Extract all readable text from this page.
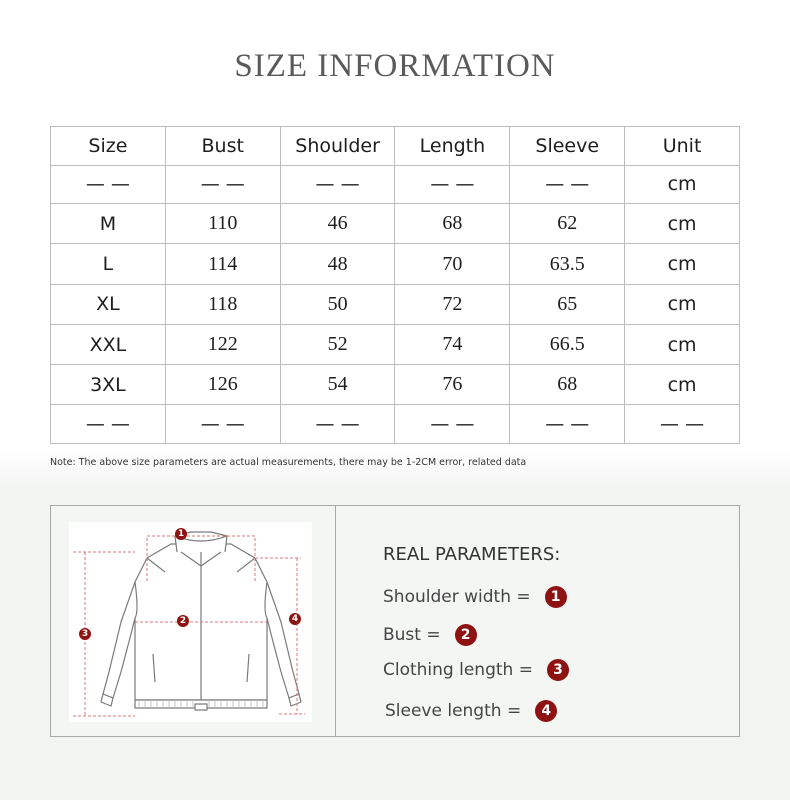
SIZE INFORMATION
Size	Bust	Shoulder	Length	Sleeve	Unit
— —	— —	— —	— —	— —	cm
M	110	46	68	62	cm
L	114	48	70	63.5	cm
XL	118	50	72	65	cm
XXL	122	52	74	66.5	cm
3XL	126	54	76	68	cm
— —	— —	— —	— —	— —	— —
Note: The above size parameters are actual measurements, there may be 1-2CM error, related data
1
2
3
4
REAL PARAMETERS:
Shoulder width =	1
Bust =	2
Clothing length =	3
Sleeve length =	4
